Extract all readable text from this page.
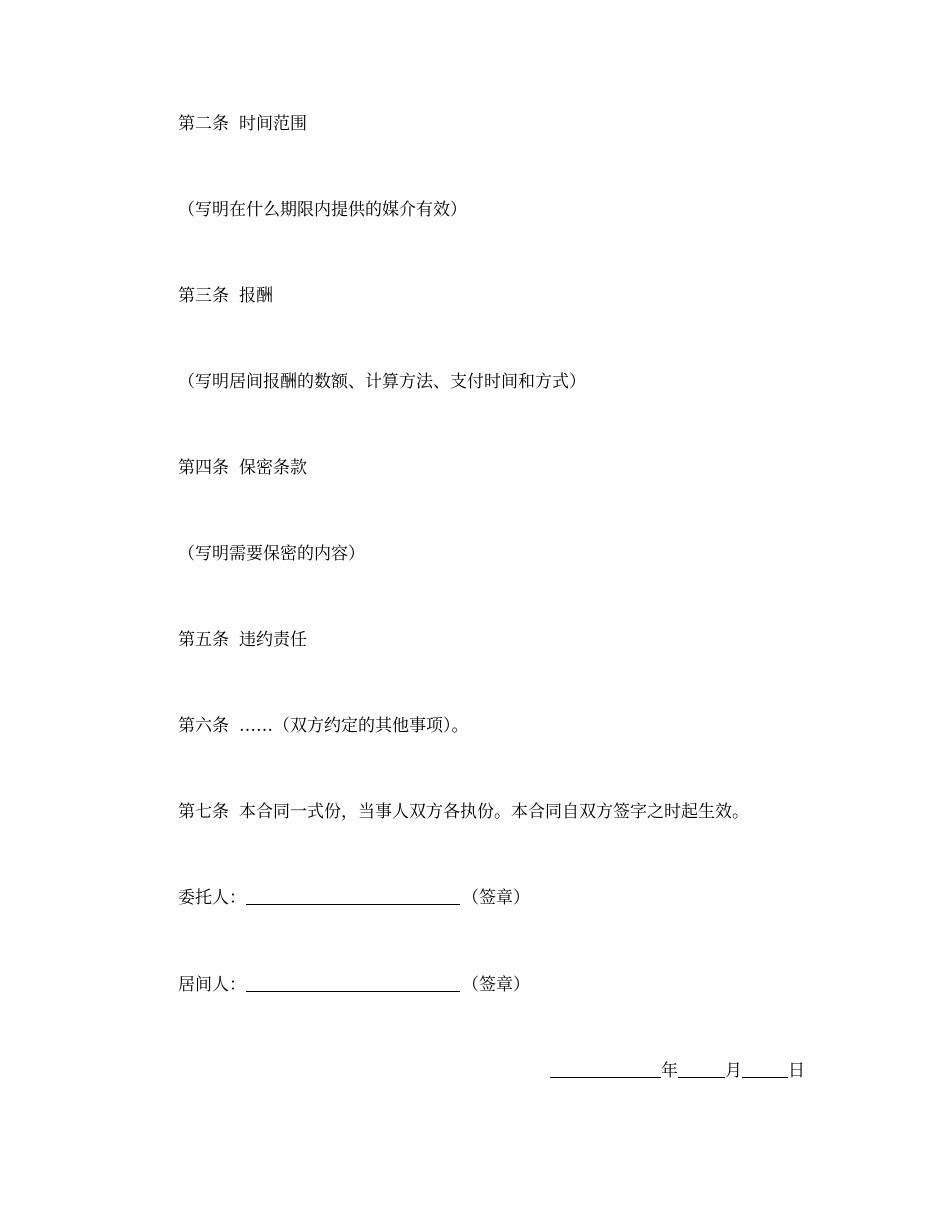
第二条 时间范围
（写明在什么期限内提供的媒介有效）
第三条 报酬
（写明居间报酬的数额、计算方法、支付时间和方式）
第四条 保密条款
（写明需要保密的内容）
第五条 违约责任
第六条 ……（双方约定的其他事项）。
第七条 本合同一式份，当事人双方各执份。本合同自双方签字之时起生效。
委托人：	（签章）
居间人：	（签章）
年	月	日
